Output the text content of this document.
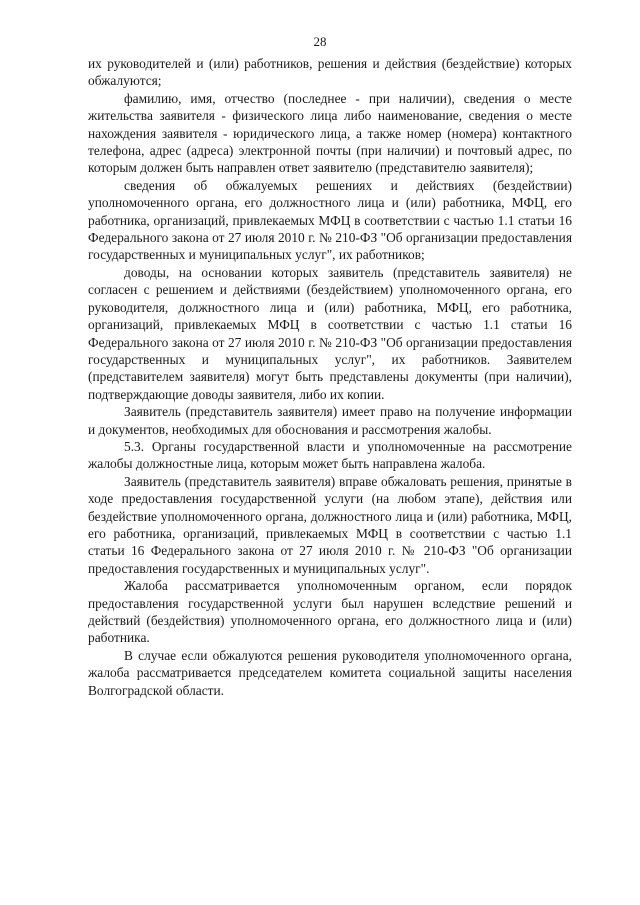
28

их руководителей и (или) работников, решения и действия (бездействие) которых обжалуются;

фамилию, имя, отчество (последнее - при наличии), сведения о месте жительства заявителя - физического лица либо наименование, сведения о месте нахождения заявителя - юридического лица, а также номер (номера) контактного телефона, адрес (адреса) электронной почты (при наличии) и почтовый адрес, по которым должен быть направлен ответ заявителю (представителю заявителя);

сведения об обжалуемых решениях и действиях (бездействии) уполномоченного органа, его должностного лица и (или) работника, МФЦ, его работника, организаций, привлекаемых МФЦ в соответствии с частью 1.1 статьи 16 Федерального закона от 27 июля 2010 г. № 210-ФЗ "Об организации предоставления государственных и муниципальных услуг", их работников;

доводы, на основании которых заявитель (представитель заявителя) не согласен с решением и действиями (бездействием) уполномоченного органа, его руководителя, должностного лица и (или) работника, МФЦ, его работника, организаций, привлекаемых МФЦ в соответствии с частью 1.1 статьи 16 Федерального закона от 27 июля 2010 г. № 210-ФЗ "Об организации предоставления государственных и муниципальных услуг", их работников. Заявителем (представителем заявителя) могут быть представлены документы (при наличии), подтверждающие доводы заявителя, либо их копии.

Заявитель (представитель заявителя) имеет право на получение информации и документов, необходимых для обоснования и рассмотрения жалобы.

5.3. Органы государственной власти и уполномоченные на рассмотрение жалобы должностные лица, которым может быть направлена жалоба.

Заявитель (представитель заявителя) вправе обжаловать решения, принятые в ходе предоставления государственной услуги (на любом этапе), действия или бездействие уполномоченного органа, должностного лица и (или) работника, МФЦ, его работника, организаций, привлекаемых МФЦ в соответствии с частью 1.1 статьи 16 Федерального закона от 27 июля 2010 г. № 210-ФЗ "Об организации предоставления государственных и муниципальных услуг".

Жалоба рассматривается уполномоченным органом, если порядок предоставления государственной услуги был нарушен вследствие решений и действий (бездействия) уполномоченного органа, его должностного лица и (или) работника.

В случае если обжалуются решения руководителя уполномоченного органа, жалоба рассматривается председателем комитета социальной защиты населения Волгоградской области.
